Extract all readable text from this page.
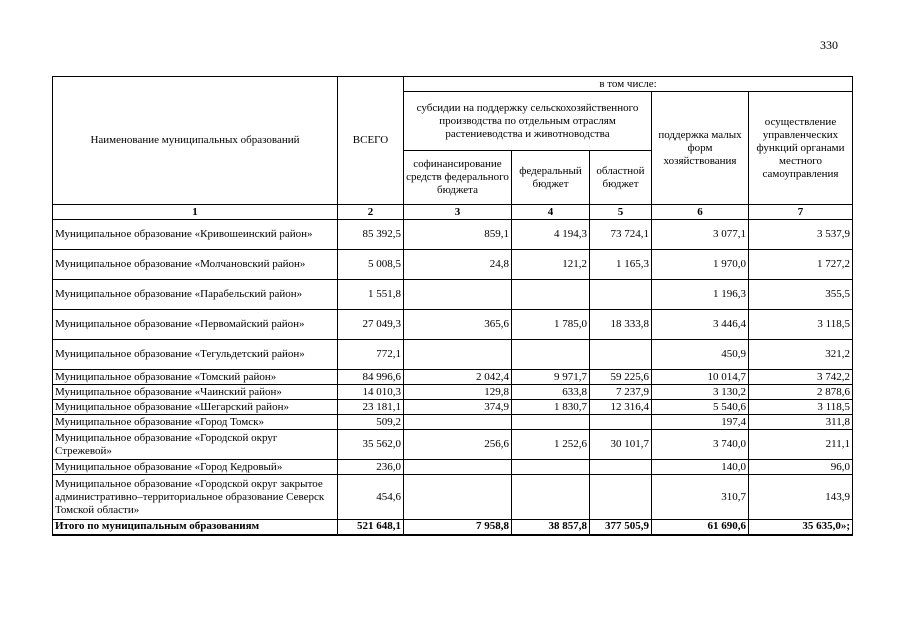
330
Наименование муниципальных образований	ВСЕГО	в том числе:				
		субсидии на поддержку сельскохозяйственного производства по отдельным отраслям растениеводства и животноводства			поддержка малых форм хозяйствования	осуществление управленческих функций органами местного самоуправления
		софинансирование средств федерального бюджета	федеральный бюджет	областной бюджет		
1	2	3	4	5	6	7
Муниципальное образование «Кривошеинский район»	85 392,5	859,1	4 194,3	73 724,1	3 077,1	3 537,9
Муниципальное образование «Молчановский район»	5 008,5	24,8	121,2	1 165,3	1 970,0	1 727,2
Муниципальное образование «Парабельский район»	1 551,8				1 196,3	355,5
Муниципальное образование «Первомайский район»	27 049,3	365,6	1 785,0	18 333,8	3 446,4	3 118,5
Муниципальное образование «Тегульдетский район»	772,1				450,9	321,2
Муниципальное образование «Томский район»	84 996,6	2 042,4	9 971,7	59 225,6	10 014,7	3 742,2
Муниципальное образование «Чаинский район»	14 010,3	129,8	633,8	7 237,9	3 130,2	2 878,6
Муниципальное образование «Шегарский район»	23 181,1	374,9	1 830,7	12 316,4	5 540,6	3 118,5
Муниципальное образование «Город Томск»	509,2				197,4	311,8
Муниципальное образование «Городской округ Стрежевой»	35 562,0	256,6	1 252,6	30 101,7	3 740,0	211,1
Муниципальное образование «Город Кедровый»	236,0				140,0	96,0
Муниципальное образование «Городской округ закрытое административно–территориальное образование Северск Томской области»	454,6				310,7	143,9
Итого по муниципальным образованиям	521 648,1	7 958,8	38 857,8	377 505,9	61 690,6	35 635,0»;
